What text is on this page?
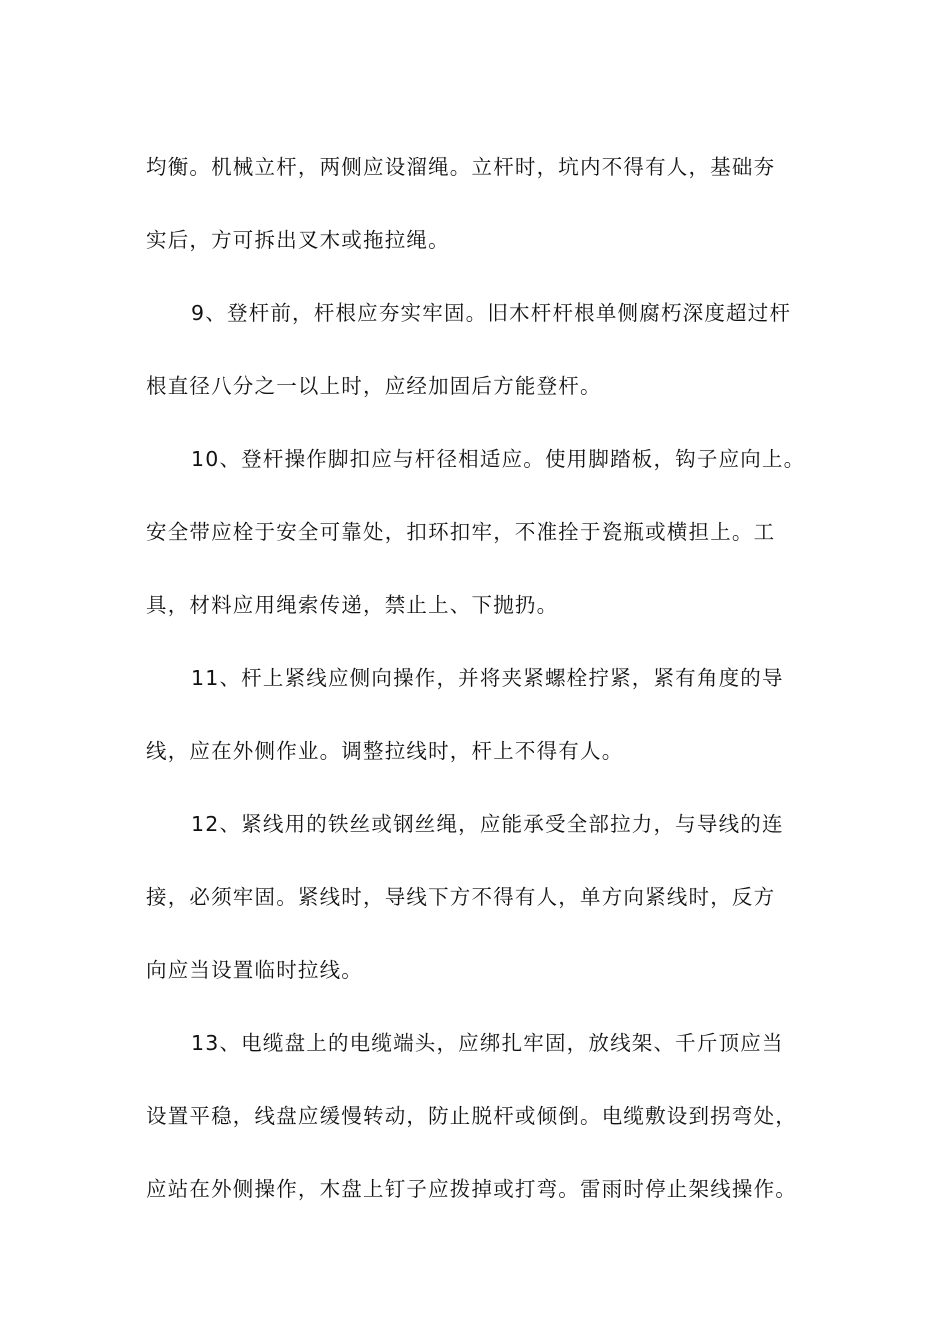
均衡。机械立杆，两侧应设溜绳。立杆时，坑内不得有人，基础夯
实后，方可拆出叉木或拖拉绳。
9、登杆前，杆根应夯实牢固。旧木杆杆根单侧腐朽深度超过杆
根直径八分之一以上时，应经加固后方能登杆。
10、登杆操作脚扣应与杆径相适应。使用脚踏板，钩子应向上。
安全带应栓于安全可靠处，扣环扣牢，不准拴于瓷瓶或横担上。工
具，材料应用绳索传递，禁止上、下抛扔。
11、杆上紧线应侧向操作，并将夹紧螺栓拧紧，紧有角度的导
线，应在外侧作业。调整拉线时，杆上不得有人。
12、紧线用的铁丝或钢丝绳，应能承受全部拉力，与导线的连
接，必须牢固。紧线时，导线下方不得有人，单方向紧线时，反方
向应当设置临时拉线。
13、电缆盘上的电缆端头，应绑扎牢固，放线架、千斤顶应当
设置平稳，线盘应缓慢转动，防止脱杆或倾倒。电缆敷设到拐弯处，
应站在外侧操作，木盘上钉子应拨掉或打弯。雷雨时停止架线操作。
